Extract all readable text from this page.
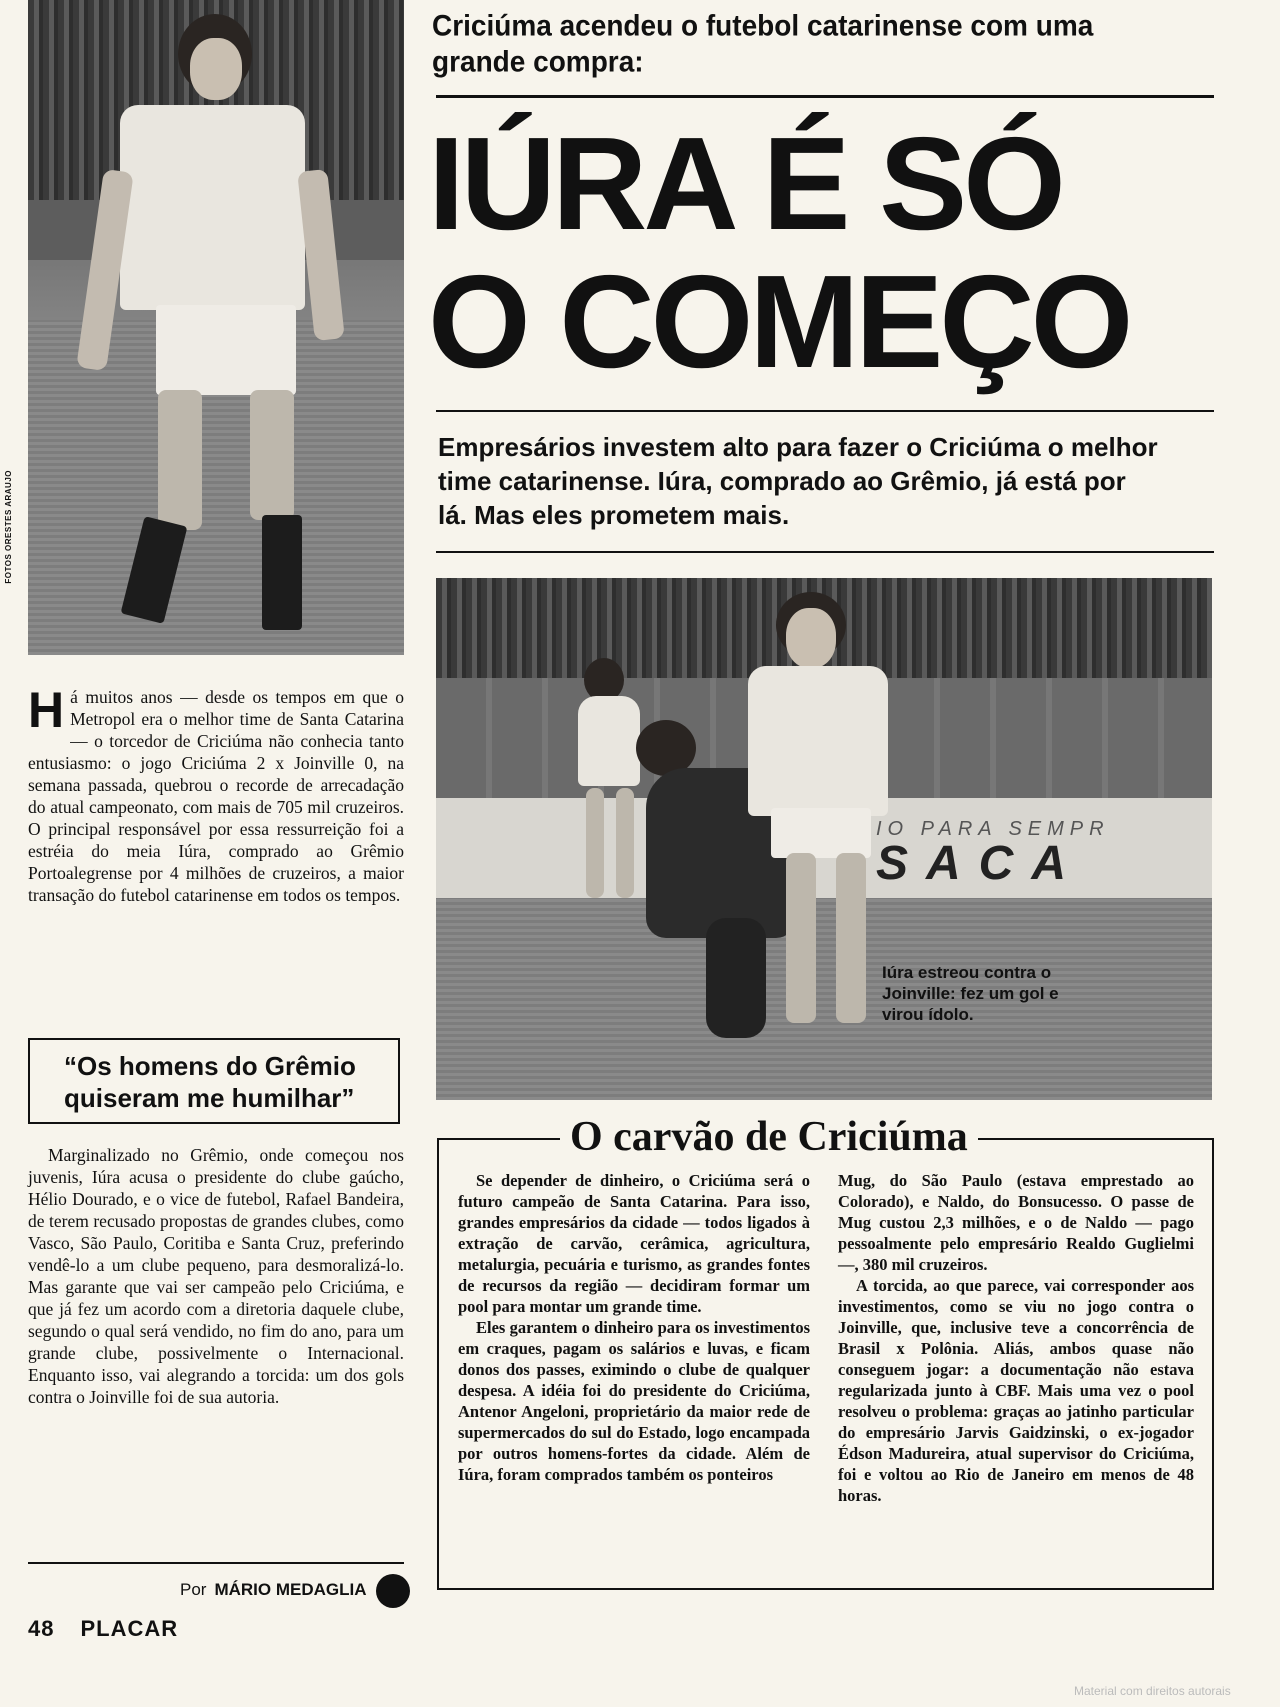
FOTOS ORESTES ARAUJO
Criciúma acendeu o futebol catarinense com uma grande compra:
IÚRA É SÓ
O COMEÇO
Empresários investem alto para fazer o Criciúma o melhor time catarinense. Iúra, comprado ao Grêmio, já está por lá. Mas eles prometem mais.
IO PARA SEMPR
SACA
Iúra estreou contra o Joinville: fez um gol e virou ídolo.
Há muitos anos — desde os tempos em que o Metropol era o melhor time de Santa Catarina — o torcedor de Criciúma não conhecia tanto entusiasmo: o jogo Criciúma 2 x Joinville 0, na semana passada, quebrou o recorde de arrecadação do atual campeonato, com mais de 705 mil cruzeiros. O principal responsável por essa ressurreição foi a estréia do meia Iúra, comprado ao Grêmio Portoalegrense por 4 milhões de cruzeiros, a maior transação do futebol catarinense em todos os tempos.
“Os homens do Grêmio quiseram me humilhar”

Marginalizado no Grêmio, onde começou nos juvenis, Iúra acusa o presidente do clube gaúcho, Hélio Dourado, e o vice de futebol, Rafael Bandeira, de terem recusado propostas de grandes clubes, como Vasco, São Paulo, Coritiba e Santa Cruz, preferindo vendê-lo a um clube pequeno, para desmoralizá-lo. Mas garante que vai ser campeão pelo Criciúma, e que já fez um acordo com a diretoria daquele clube, segundo o qual será vendido, no fim do ano, para um grande clube, possivelmente o Internacional. Enquanto isso, vai alegrando a torcida: um dos gols contra o Joinville foi de sua autoria.

Por MÁRIO MEDAGLIA
O carvão de Criciúma

Se depender de dinheiro, o Criciúma será o futuro campeão de Santa Catarina. Para isso, grandes empresários da cidade — todos ligados à extração de carvão, cerâmica, agricultura, metalurgia, pecuária e turismo, as grandes fontes de recursos da região — decidiram formar um pool para montar um grande time.

Eles garantem o dinheiro para os investimentos em craques, pagam os salários e luvas, e ficam donos dos passes, eximindo o clube de qualquer despesa. A idéia foi do presidente do Criciúma, Antenor Angeloni, proprietário da maior rede de supermercados do sul do Estado, logo encampada por outros homens-fortes da cidade. Além de Iúra, foram comprados também os ponteiros

Mug, do São Paulo (estava emprestado ao Colorado), e Naldo, do Bonsucesso. O passe de Mug custou 2,3 milhões, e o de Naldo — pago pessoalmente pelo empresário Realdo Guglielmi —, 380 mil cruzeiros.

A torcida, ao que parece, vai corresponder aos investimentos, como se viu no jogo contra o Joinville, que, inclusive teve a concorrência de Brasil x Polônia. Aliás, ambos quase não conseguem jogar: a documentação não estava regularizada junto à CBF. Mais uma vez o pool resolveu o problema: graças ao jatinho particular do empresário Jarvis Gaidzinski, o ex-jogador Édson Madureira, atual supervisor do Criciúma, foi e voltou ao Rio de Janeiro em menos de 48 horas.

48 PLACAR
Material com direitos autorais
